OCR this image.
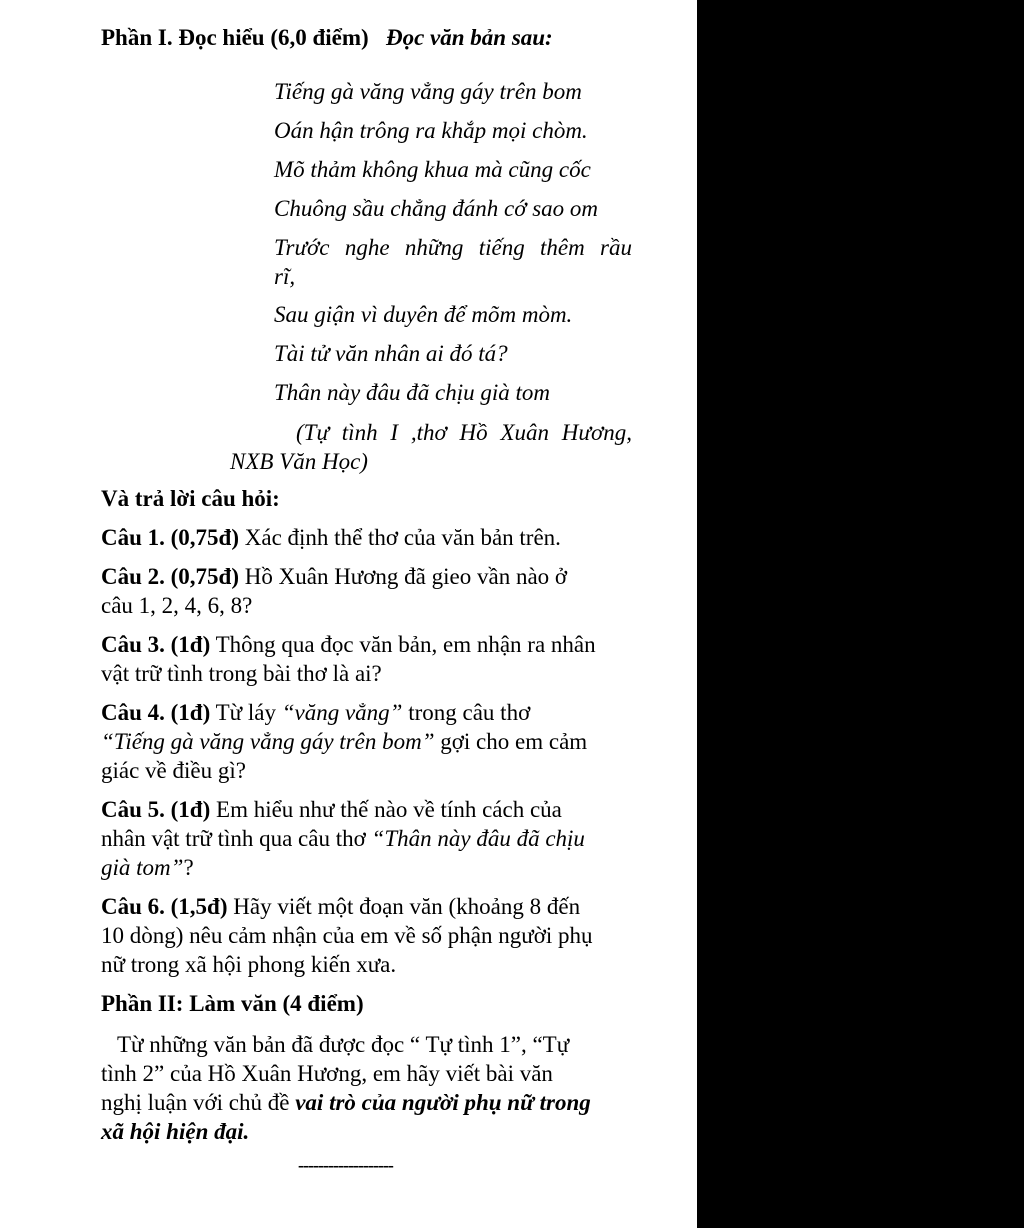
Phần I. Đọc hiểu (6,0 điểm) Đọc văn bản sau:
Tiếng gà văng vẳng gáy trên bom
Oán hận trông ra khắp mọi chòm.
Mõ thảm không khua mà cũng cốc
Chuông sầu chẳng đánh cớ sao om
Trước nghe những tiếng thêm rầu
rĩ,
Sau giận vì duyên để mõm mòm.
Tài tử văn nhân ai đó tá?
Thân này đâu đã chịu già tom
(Tự tình I ,thơ Hồ Xuân Hương,
NXB Văn Học)
Và trả lời câu hỏi:
Câu 1. (0,75đ) Xác định thể thơ của văn bản trên.
Câu 2. (0,75đ) Hồ Xuân Hương đã gieo vần nào ở
câu 1, 2, 4, 6, 8?
Câu 3. (1đ) Thông qua đọc văn bản, em nhận ra nhân
vật trữ tình trong bài thơ là ai?
Câu 4. (1đ) Từ láy “văng vẳng” trong câu thơ
“Tiếng gà văng vẳng gáy trên bom” gợi cho em cảm
giác về điều gì?
Câu 5. (1đ) Em hiểu như thế nào về tính cách của
nhân vật trữ tình qua câu thơ “Thân này đâu đã chịu
già tom”?
Câu 6. (1,5đ) Hãy viết một đoạn văn (khoảng 8 đến
10 dòng) nêu cảm nhận của em về số phận người phụ
nữ trong xã hội phong kiến xưa.
Phần II: Làm văn (4 điểm)
Từ những văn bản đã được đọc “ Tự tình 1”, “Tự
tình 2” của Hồ Xuân Hương, em hãy viết bài văn
nghị luận với chủ đề vai trò của người phụ nữ trong
xã hội hiện đại.
-------------------
